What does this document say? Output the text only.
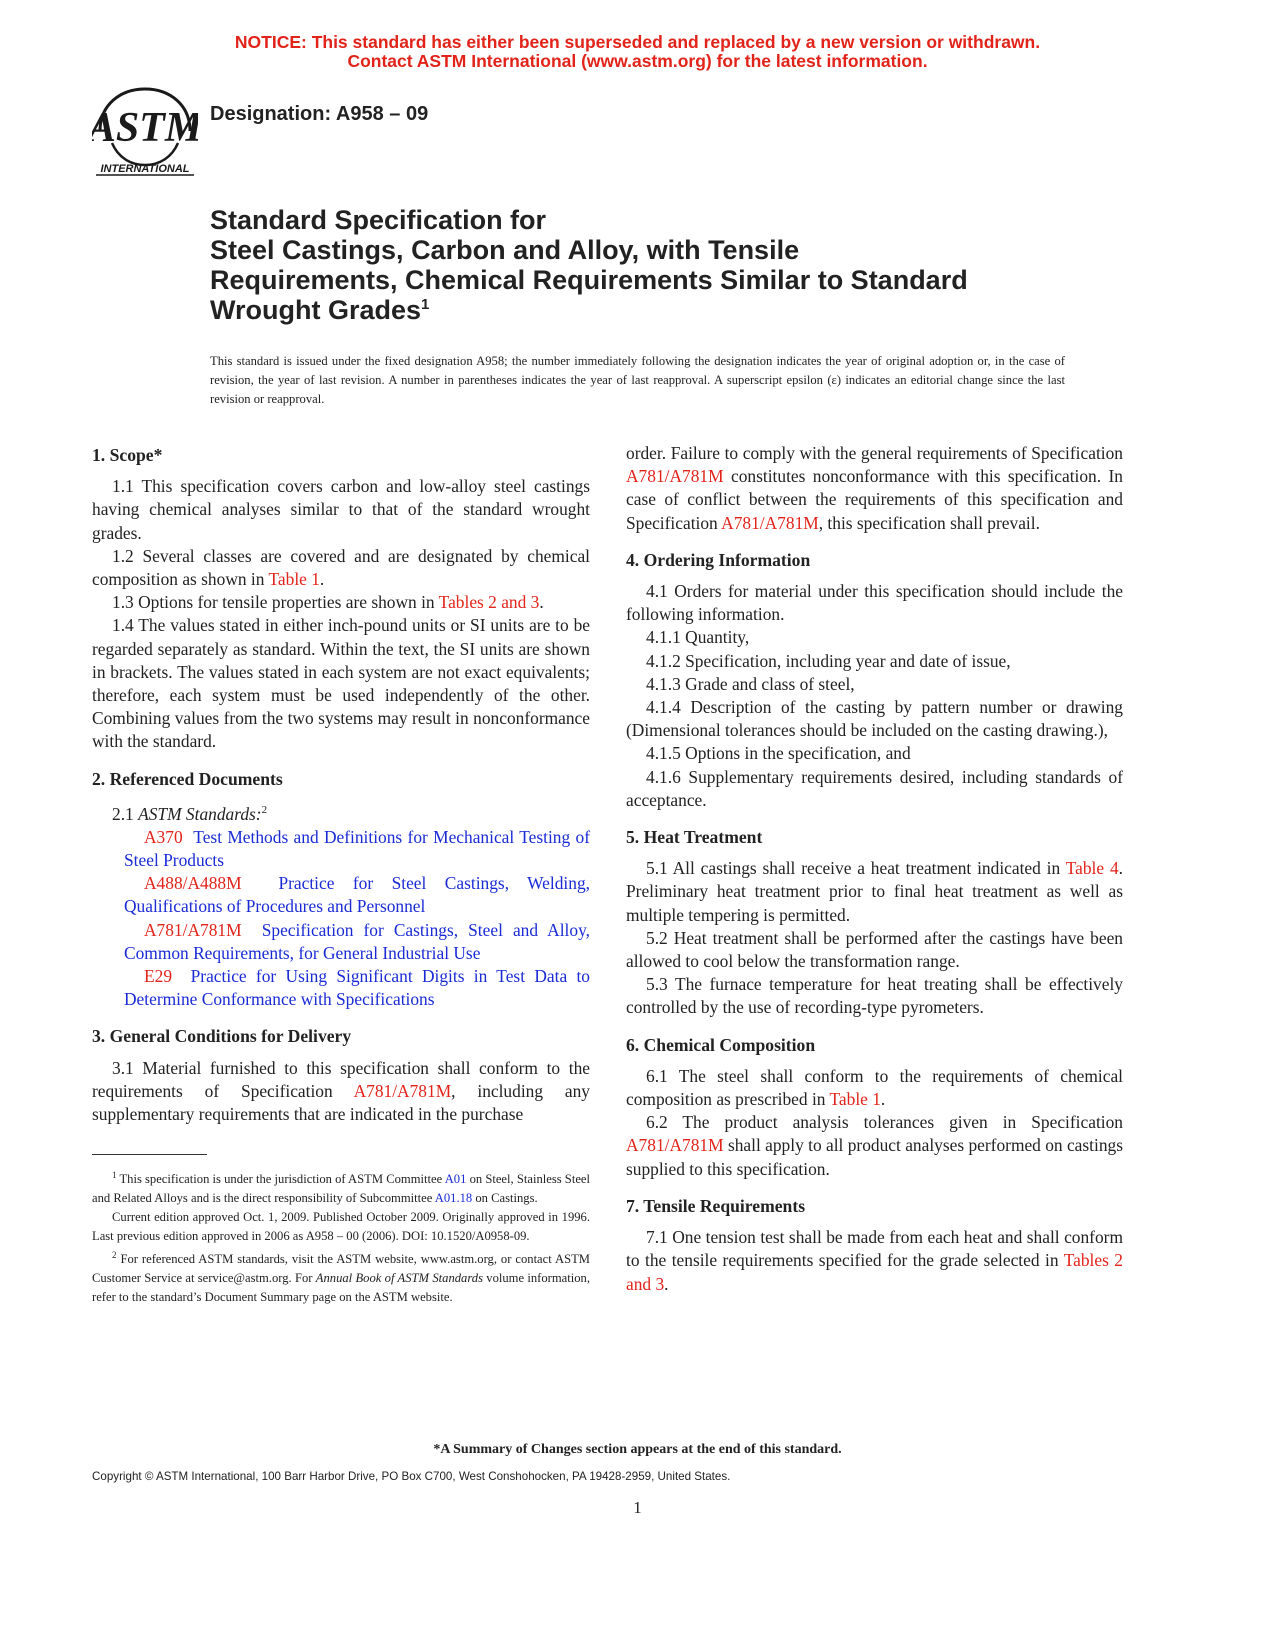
NOTICE: This standard has either been superseded and replaced by a new version or withdrawn.
Contact ASTM International (www.astm.org) for the latest information.
ASTM
INTERNATIONAL
Designation: A958 – 09
Standard Specification for
Steel Castings, Carbon and Alloy, with Tensile
Requirements, Chemical Requirements Similar to Standard
Wrought Grades$^1$
This standard is issued under the fixed designation A958; the number immediately following the designation indicates the year of original adoption or, in the case of revision, the year of last revision. A number in parentheses indicates the year of last reapproval. A superscript epsilon (ε) indicates an editorial change since the last revision or reapproval.
1. Scope*

1.1 This specification covers carbon and low-alloy steel castings having chemical analyses similar to that of the standard wrought grades.

1.2 Several classes are covered and are designated by chemical composition as shown in Table 1.

1.3 Options for tensile properties are shown in Tables 2 and 3.

1.4 The values stated in either inch-pound units or SI units are to be regarded separately as standard. Within the text, the SI units are shown in brackets. The values stated in each system are not exact equivalents; therefore, each system must be used independently of the other. Combining values from the two systems may result in nonconformance with the standard.

2. Referenced Documents

2.1 ASTM Standards:$^2$

A370 Test Methods and Definitions for Mechanical Testing of Steel Products

A488/A488M Practice for Steel Castings, Welding, Qualifications of Procedures and Personnel

A781/A781M Specification for Castings, Steel and Alloy, Common Requirements, for General Industrial Use

E29 Practice for Using Significant Digits in Test Data to Determine Conformance with Specifications

3. General Conditions for Delivery

3.1 Material furnished to this specification shall conform to the requirements of Specification A781/A781M, including any supplementary requirements that are indicated in the purchase

order. Failure to comply with the general requirements of Specification A781/A781M constitutes nonconformance with this specification. In case of conflict between the requirements of this specification and Specification A781/A781M, this specification shall prevail.

4. Ordering Information

4.1 Orders for material under this specification should include the following information.

4.1.1 Quantity,

4.1.2 Specification, including year and date of issue,

4.1.3 Grade and class of steel,

4.1.4 Description of the casting by pattern number or drawing (Dimensional tolerances should be included on the casting drawing.),

4.1.5 Options in the specification, and

4.1.6 Supplementary requirements desired, including standards of acceptance.

5. Heat Treatment

5.1 All castings shall receive a heat treatment indicated in Table 4. Preliminary heat treatment prior to final heat treatment as well as multiple tempering is permitted.

5.2 Heat treatment shall be performed after the castings have been allowed to cool below the transformation range.

5.3 The furnace temperature for heat treating shall be effectively controlled by the use of recording-type pyrometers.

6. Chemical Composition

6.1 The steel shall conform to the requirements of chemical composition as prescribed in Table 1.

6.2 The product analysis tolerances given in Specification A781/A781M shall apply to all product analyses performed on castings supplied to this specification.

7. Tensile Requirements

7.1 One tension test shall be made from each heat and shall conform to the tensile requirements specified for the grade selected in Tables 2 and 3.

$^1$ This specification is under the jurisdiction of ASTM Committee A01 on Steel, Stainless Steel and Related Alloys and is the direct responsibility of Subcommittee A01.18 on Castings.

Current edition approved Oct. 1, 2009. Published October 2009. Originally approved in 1996. Last previous edition approved in 2006 as A958 – 00 (2006). DOI: 10.1520/A0958-09.

$^2$ For referenced ASTM standards, visit the ASTM website, www.astm.org, or contact ASTM Customer Service at service@astm.org. For Annual Book of ASTM Standards volume information, refer to the standard’s Document Summary page on the ASTM website.

*A Summary of Changes section appears at the end of this standard.
Copyright © ASTM International, 100 Barr Harbor Drive, PO Box C700, West Conshohocken, PA 19428-2959, United States.
1
